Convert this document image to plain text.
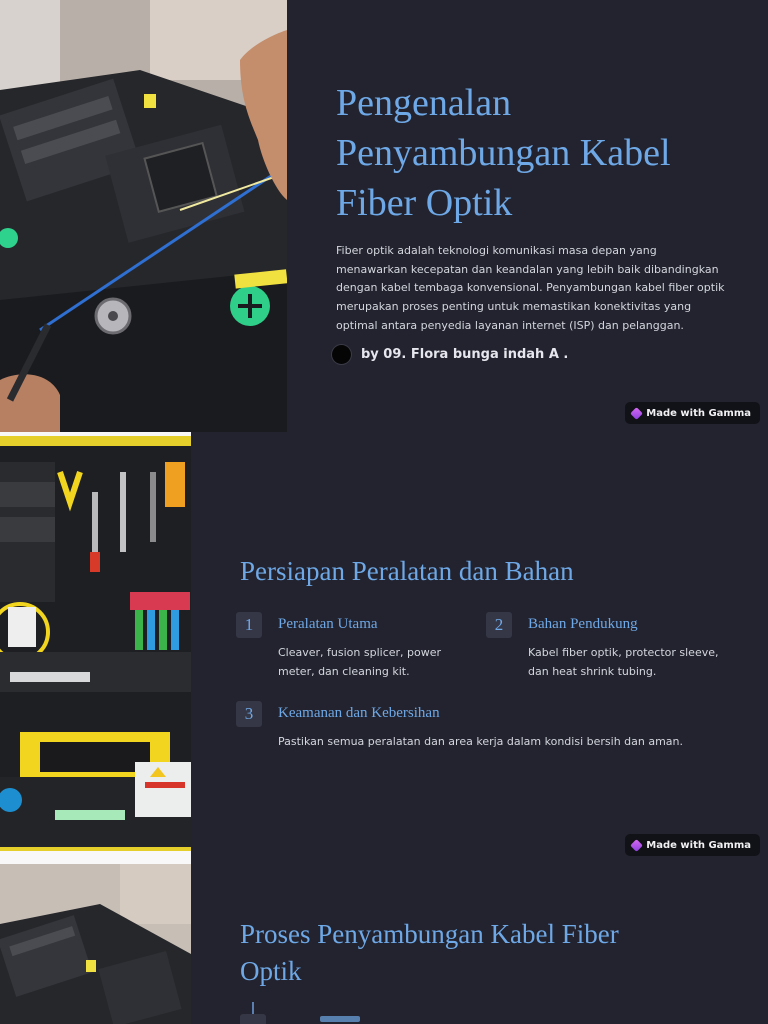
Pengenalan Penyambungan Kabel Fiber Optik

Fiber optik adalah teknologi komunikasi masa depan yang menawarkan kecepatan dan keandalan yang lebih baik dibandingkan dengan kabel tembaga konvensional. Penyambungan kabel fiber optik merupakan proses penting untuk memastikan konektivitas yang optimal antara penyedia layanan internet (ISP) dan pelanggan.

by 09. Flora bunga indah A .
Made with Gamma
Persiapan Peralatan dan Bahan
1	Peralatan Utama
Cleaver, fusion splicer, power meter, dan cleaning kit.
2	Bahan Pendukung
Kabel fiber optik, protector sleeve, dan heat shrink tubing.
3	Keamanan dan Kebersihan
Pastikan semua peralatan dan area kerja dalam kondisi bersih dan aman.
Made with Gamma
Proses Penyambungan Kabel Fiber Optik
